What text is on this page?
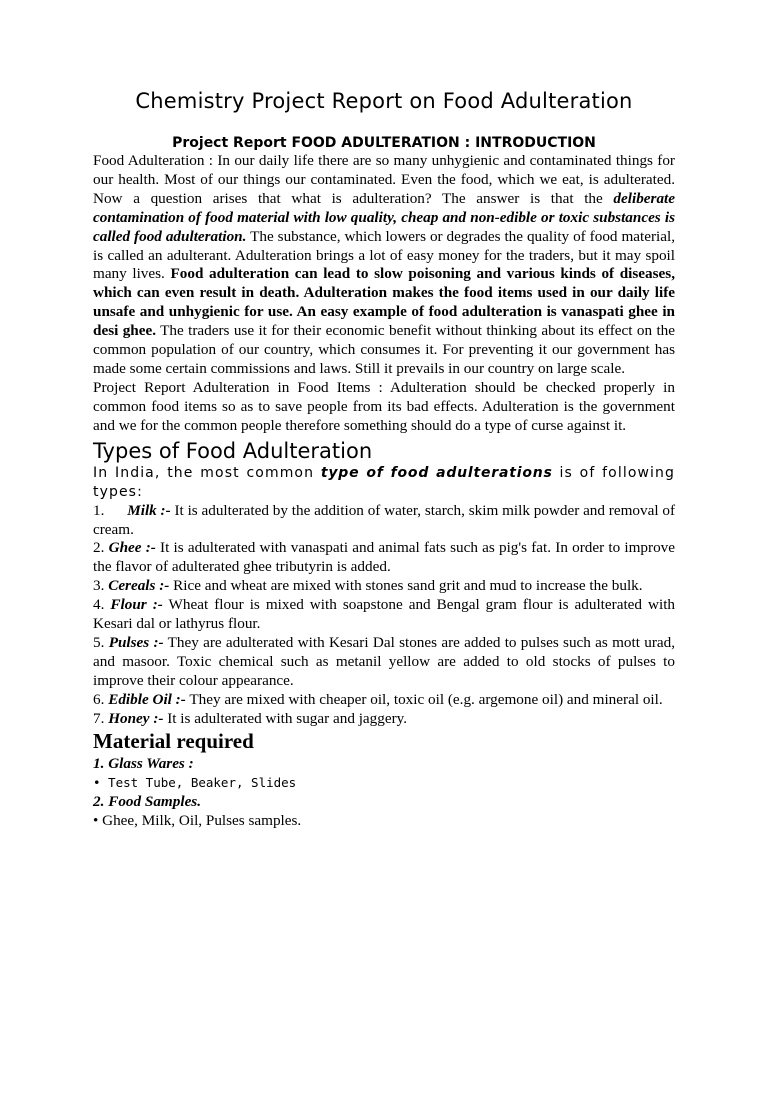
Chemistry Project Report on Food Adulteration
Project Report FOOD ADULTERATION : INTRODUCTION

Food Adulteration : In our daily life there are so many unhygienic and contaminated things for our health. Most of our things our contaminated. Even the food, which we eat, is adulterated. Now a question arises that what is adulteration? The answer is that the deliberate contamination of food material with low quality, cheap and non-edible or toxic substances is called food adulteration. The substance, which lowers or degrades the quality of food material, is called an adulterant. Adulteration brings a lot of easy money for the traders, but it may spoil many lives. Food adulteration can lead to slow poisoning and various kinds of diseases, which can even result in death. Adulteration makes the food items used in our daily life unsafe and unhygienic for use. An easy example of food adulteration is vanaspati ghee in desi ghee. The traders use it for their economic benefit without thinking about its effect on the common population of our country, which consumes it. For preventing it our government has made some certain commissions and laws. Still it prevails in our country on large scale.

Project Report Adulteration in Food Items : Adulteration should be checked properly in common food items so as to save people from its bad effects. Adulteration is the government and we for the common people therefore something should do a type of curse against it.

Types of Food Adulteration

In India, the most common type of food adulterations is of following types:

1.      Milk :- It is adulterated by the addition of water, starch, skim milk powder and removal of cream.
2. Ghee :- It is adulterated with vanaspati and animal fats such as pig's fat. In order to improve the flavor of adulterated ghee tributyrin is added.
3. Cereals :- Rice and wheat are mixed with stones sand grit and mud to increase the bulk.
4. Flour :- Wheat flour is mixed with soapstone and Bengal gram flour is adulterated with Kesari dal or lathyrus flour.
5. Pulses :- They are adulterated with Kesari Dal stones are added to pulses such as mott urad, and masoor. Toxic chemical such as metanil yellow are added to old stocks of pulses to improve their colour appearance.
6. Edible Oil :- They are mixed with cheaper oil, toxic oil (e.g. argemone oil) and mineral oil.
7. Honey :- It is adulterated with sugar and jaggery.
Material required

1. Glass Wares :

• Test Tube, Beaker, Slides

2. Food Samples.

• Ghee, Milk, Oil, Pulses samples.
